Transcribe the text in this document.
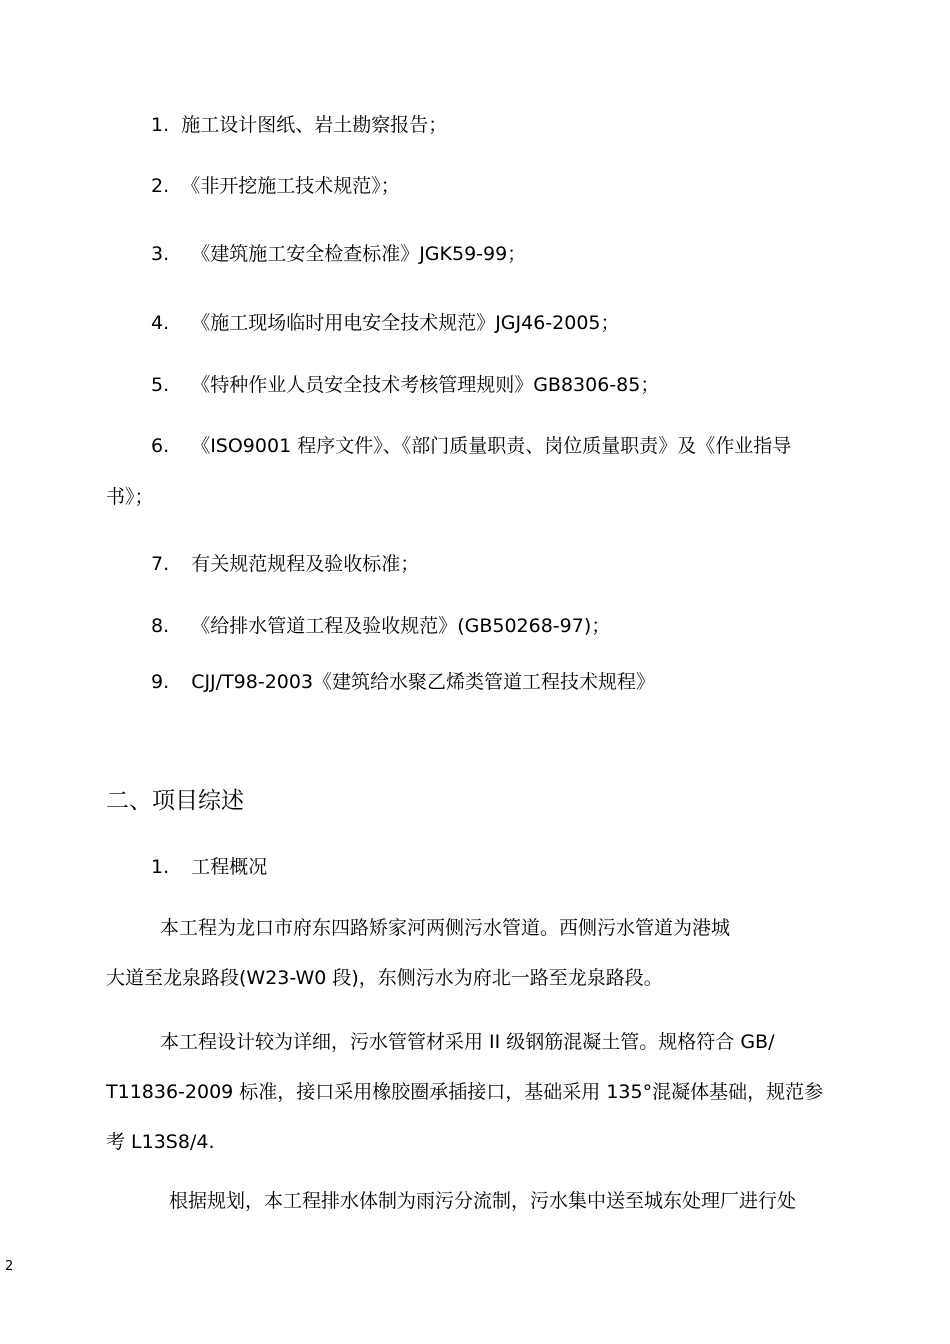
1. 施工设计图纸、岩土勘察报告；
2. 《非开挖施工技术规范》；
3. 《建筑施工安全检查标准》JGK59-99；
4. 《施工现场临时用电安全技术规范》JGJ46-2005；
5. 《特种作业人员安全技术考核管理规则》GB8306-85；
6. 《ISO9001 程序文件》、《部门质量职责、岗位质量职责》及《作业指导
书》；
7. 有关规范规程及验收标准；
8. 《给排水管道工程及验收规范》(GB50268-97)；
9. CJJ/T98-2003《建筑给水聚乙烯类管道工程技术规程》
二、项目综述
1. 工程概况
本工程为龙口市府东四路矫家河两侧污水管道。西侧污水管道为港城
大道至龙泉路段(W23-W0 段)，东侧污水为府北一路至龙泉路段。
本工程设计较为详细，污水管管材采用 II 级钢筋混凝土管。规格符合 GB/
T11836-2009 标准，接口采用橡胶圈承插接口，基础采用 135°混凝体基础，规范参
考 L13S8/4.
根据规划，本工程排水体制为雨污分流制，污水集中送至城东处理厂进行处
2
